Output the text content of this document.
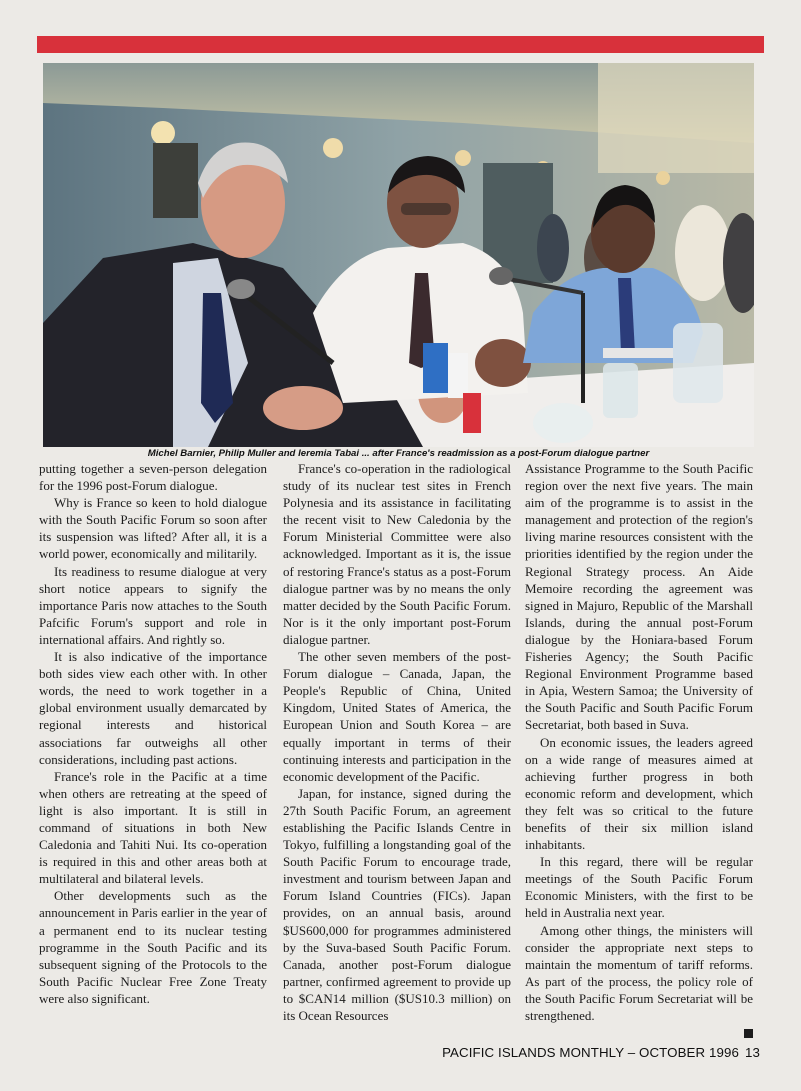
Michel Barnier, Philip Muller and Ieremia Tabai ... after France's readmission as a post-Forum dialogue partner

putting together a seven-person delegation for the 1996 post-Forum dialogue.

Why is France so keen to hold dialogue with the South Pacific Forum so soon after its suspension was lifted? After all, it is a world power, economically and militarily.

Its readiness to resume dialogue at very short notice appears to signify the importance Paris now attaches to the South Pafcific Forum's support and role in international affairs. And rightly so.

It is also indicative of the importance both sides view each other with. In other words, the need to work together in a global environment usually demarcated by regional interests and historical associations far outweighs all other considerations, including past actions.

France's role in the Pacific at a time when others are retreating at the speed of light is also important. It is still in command of situations in both New Caledonia and Tahiti Nui. Its co-operation is required in this and other areas both at multilateral and bilateral levels.

Other developments such as the announcement in Paris earlier in the year of a permanent end to its nuclear testing programme in the South Pacific and its subsequent signing of the Protocols to the South Pacific Nuclear Free Zone Treaty were also significant.

France's co-operation in the radiological study of its nuclear test sites in French Polynesia and its assistance in facilitating the recent visit to New Caledonia by the Forum Ministerial Committee were also acknowledged. Important as it is, the issue of restoring France's status as a post-Forum dialogue partner was by no means the only matter decided by the South Pacific Forum. Nor is it the only important post-Forum dialogue partner.

The other seven members of the post-Forum dialogue – Canada, Japan, the People's Republic of China, United Kingdom, United States of America, the European Union and South Korea – are equally important in terms of their continuing interests and participation in the economic development of the Pacific.

Japan, for instance, signed during the 27th South Pacific Forum, an agreement establishing the Pacific Islands Centre in Tokyo, fulfilling a longstanding goal of the South Pacific Forum to encourage trade, investment and tourism between Japan and Forum Island Countries (FICs). Japan provides, on an annual basis, around $US600,000 for programmes administered by the Suva-based South Pacific Forum. Canada, another post-Forum dialogue partner, confirmed agreement to provide up to $CAN14 million ($US10.3 million) on its Ocean Resources

Assistance Programme to the South Pacific region over the next five years. The main aim of the programme is to assist in the management and protection of the region's living marine resources consistent with the priorities identified by the region under the Regional Strategy process. An Aide Memoire recording the agreement was signed in Majuro, Republic of the Marshall Islands, during the annual post-Forum dialogue by the Honiara-based Forum Fisheries Agency; the South Pacific Regional Environment Programme based in Apia, Western Samoa; the University of the South Pacific and South Pacific Forum Secretariat, both based in Suva.

On economic issues, the leaders agreed on a wide range of measures aimed at achieving further progress in both economic reform and development, which they felt was so critical to the future benefits of their six million island inhabitants.

In this regard, there will be regular meetings of the South Pacific Forum Economic Ministers, with the first to be held in Australia next year.

Among other things, the ministers will consider the appropriate next steps to maintain the momentum of tariff reforms. As part of the process, the policy role of the South Pacific Forum Secretariat will be strengthened.

PACIFIC ISLANDS MONTHLY – OCTOBER 1996 13
